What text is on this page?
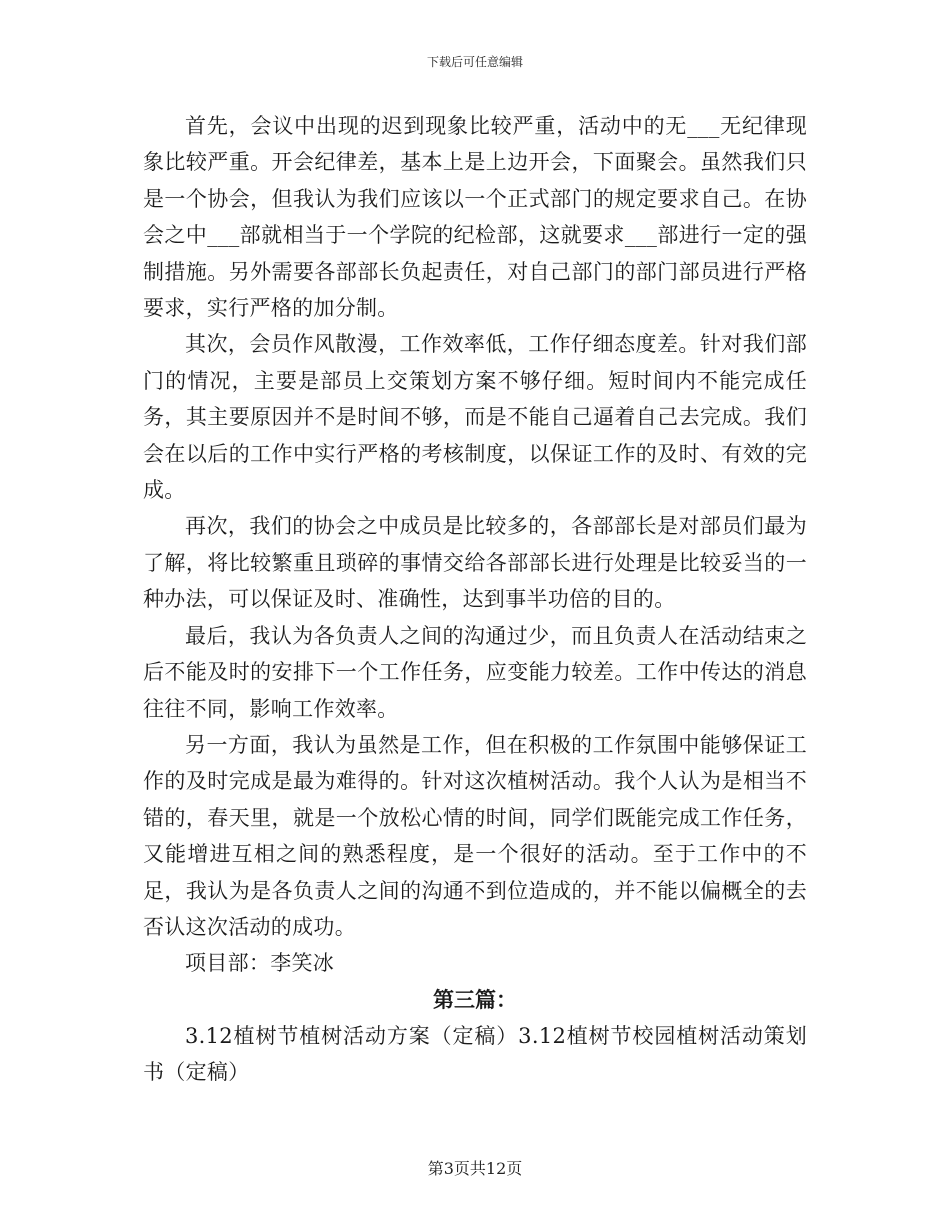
下载后可任意编辑

首先，会议中出现的迟到现象比较严重，活动中的无___无纪律现象比较严重。开会纪律差，基本上是上边开会，下面聚会。虽然我们只是一个协会，但我认为我们应该以一个正式部门的规定要求自己。在协会之中___部就相当于一个学院的纪检部，这就要求___部进行一定的强制措施。另外需要各部部长负起责任，对自己部门的部门部员进行严格要求，实行严格的加分制。

其次，会员作风散漫，工作效率低，工作仔细态度差。针对我们部门的情况，主要是部员上交策划方案不够仔细。短时间内不能完成任务，其主要原因并不是时间不够，而是不能自己逼着自己去完成。我们会在以后的工作中实行严格的考核制度，以保证工作的及时、有效的完成。

再次，我们的协会之中成员是比较多的，各部部长是对部员们最为了解，将比较繁重且琐碎的事情交给各部部长进行处理是比较妥当的一种办法，可以保证及时、准确性，达到事半功倍的目的。

最后，我认为各负责人之间的沟通过少，而且负责人在活动结束之后不能及时的安排下一个工作任务，应变能力较差。工作中传达的消息往往不同，影响工作效率。

另一方面，我认为虽然是工作，但在积极的工作氛围中能够保证工作的及时完成是最为难得的。针对这次植树活动。我个人认为是相当不错的，春天里，就是一个放松心情的时间，同学们既能完成工作任务，又能增进互相之间的熟悉程度，是一个很好的活动。至于工作中的不足，我认为是各负责人之间的沟通不到位造成的，并不能以偏概全的去否认这次活动的成功。

项目部：李笑冰

第三篇：

3.12植树节植树活动方案（定稿）3.12植树节校园植树活动策划书（定稿）

第3页共12页
